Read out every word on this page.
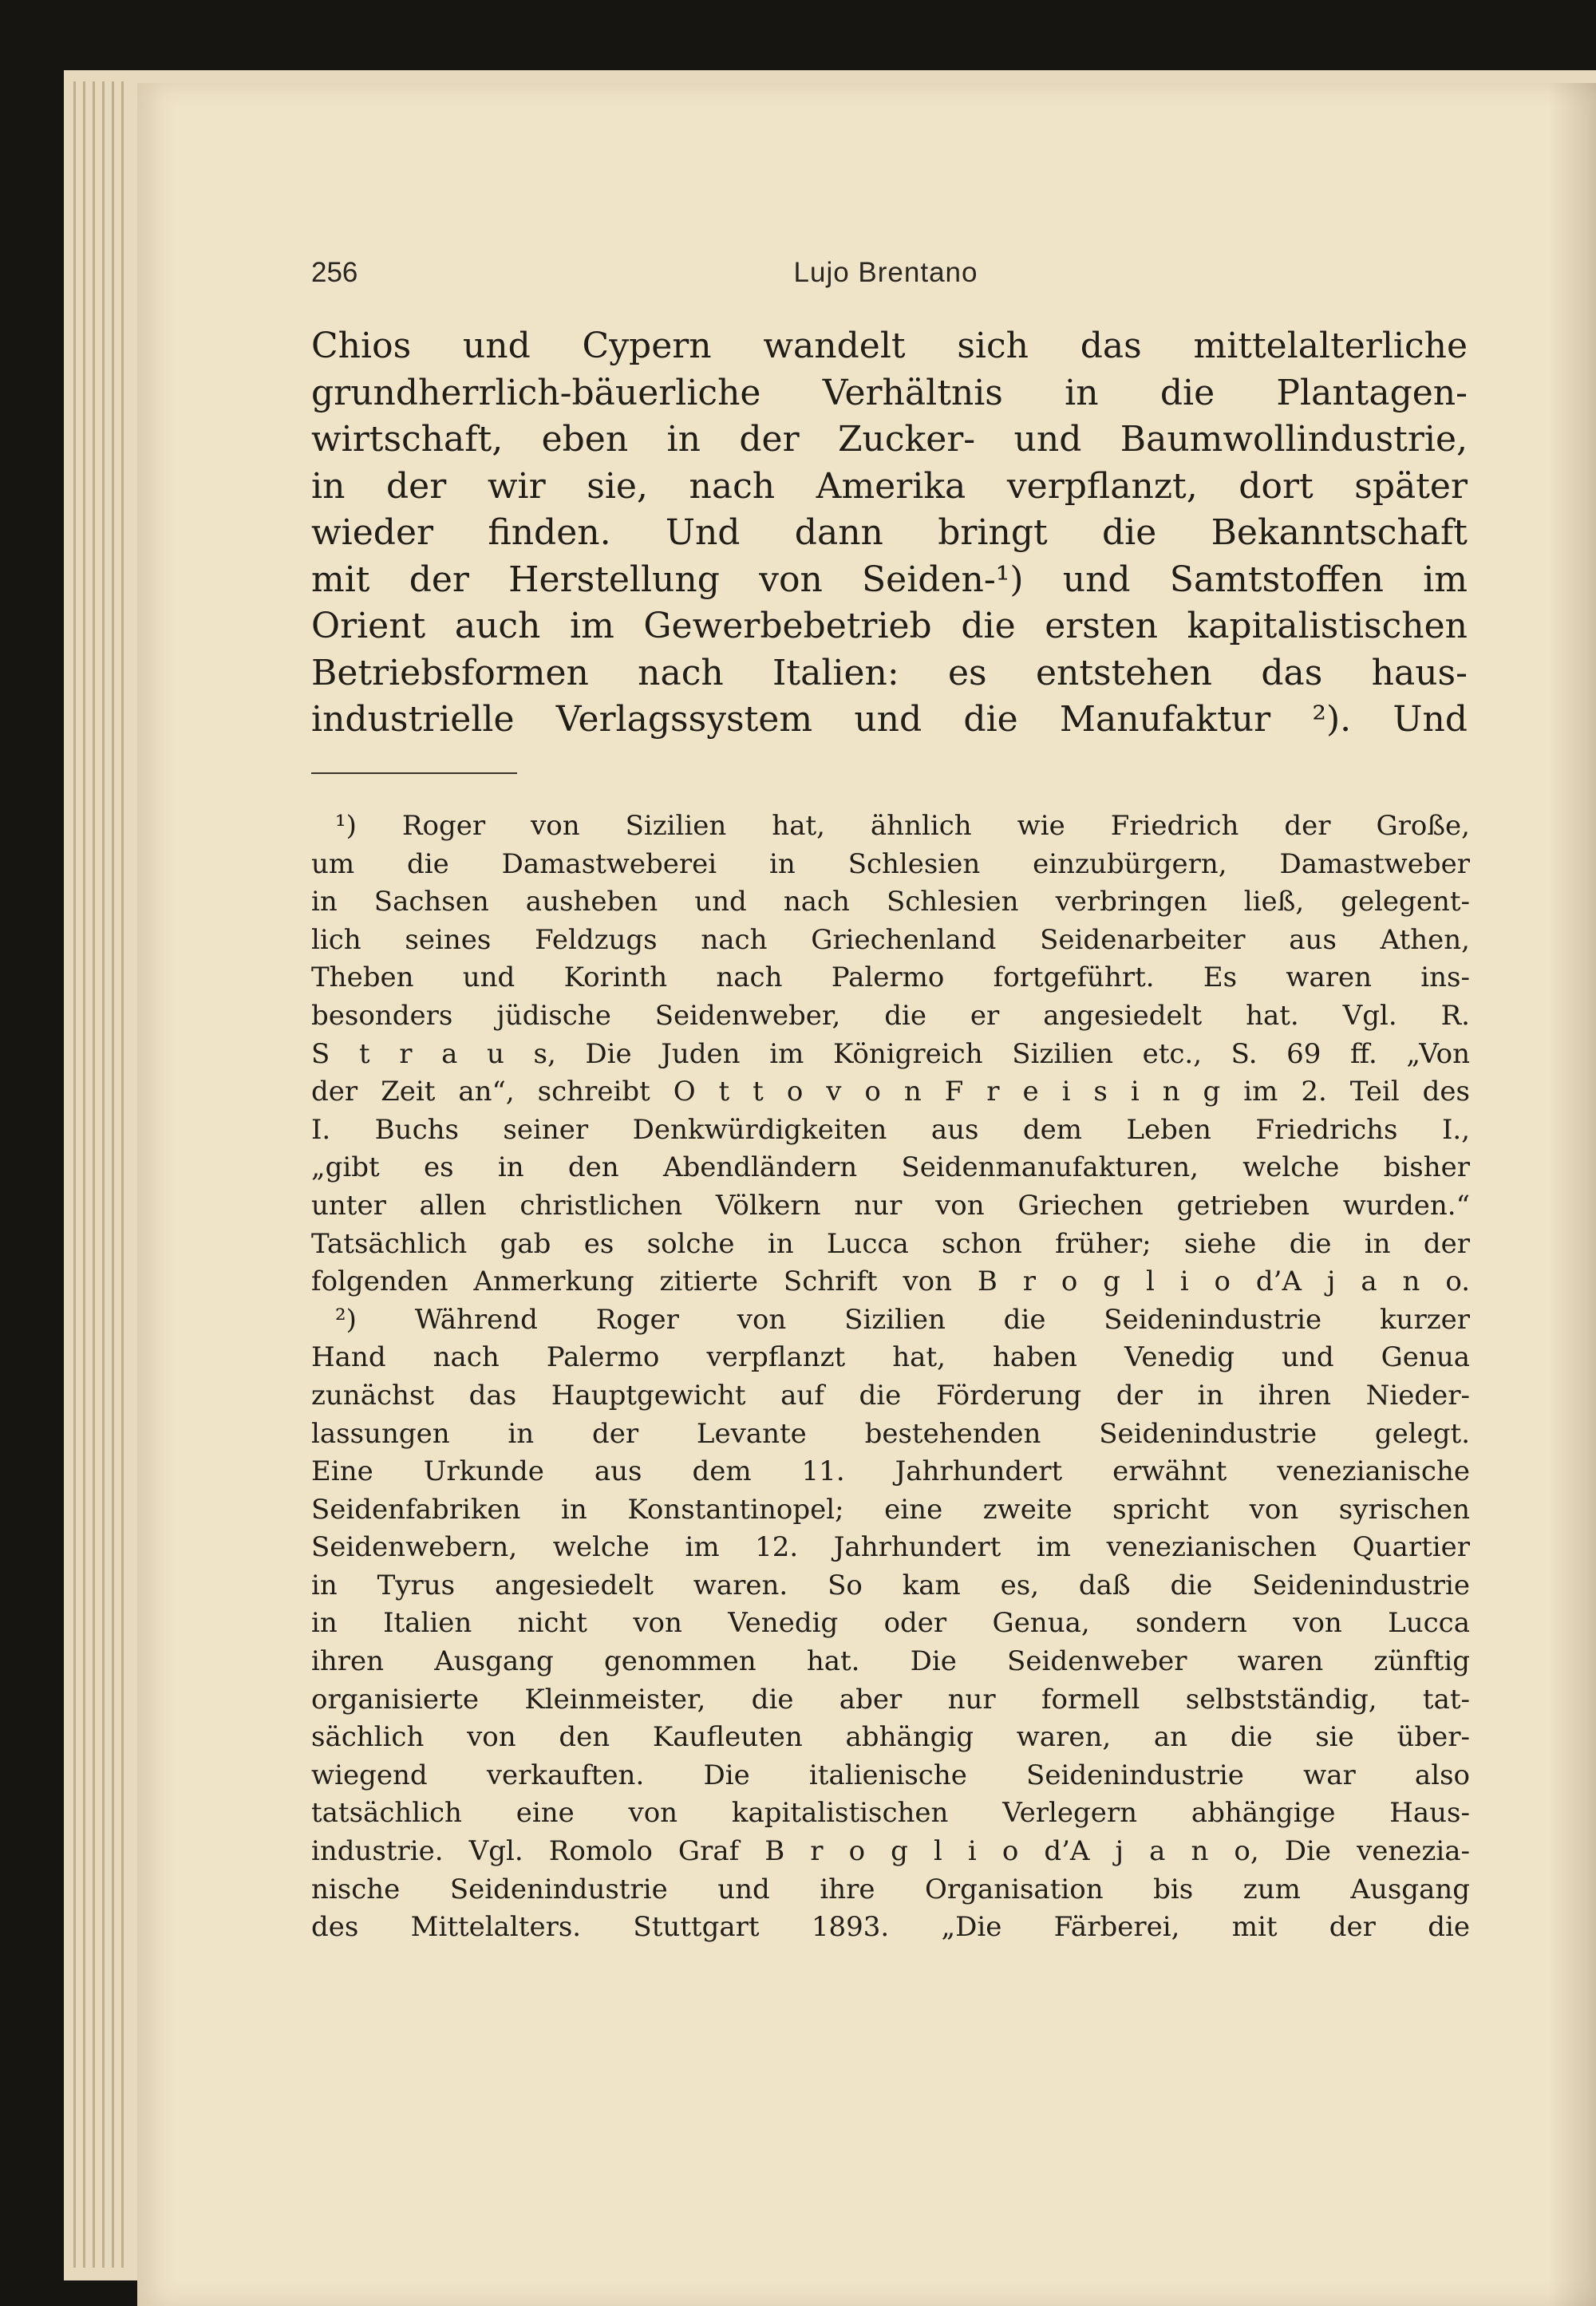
256	Lujo Brentano
Chios und Cypern wandelt sich das mittelalterliche
grundherrlich-bäuerliche Verhältnis in die Plantagen-
wirtschaft, eben in der Zucker- und Baumwollindustrie,
in der wir sie, nach Amerika verpflanzt, dort später
wieder finden. Und dann bringt die Bekanntschaft
mit der Herstellung von Seiden-¹) und Samtstoffen im
Orient auch im Gewerbebetrieb die ersten kapitalistischen
Betriebsformen nach Italien: es entstehen das haus-
industrielle Verlagssystem und die Manufaktur ²). Und
¹) Roger von Sizilien hat, ähnlich wie Friedrich der Große,
um die Damastweberei in Schlesien einzubürgern, Damastweber
in Sachsen ausheben und nach Schlesien verbringen ließ, gelegent-
lich seines Feldzugs nach Griechenland Seidenarbeiter aus Athen,
Theben und Korinth nach Palermo fortgeführt. Es waren ins-
besonders jüdische Seidenweber, die er angesiedelt hat. Vgl. R.
S t r a u s, Die Juden im Königreich Sizilien etc., S. 69 ff. „Von
der Zeit an“, schreibt O t t o v o n F r e i s i n g im 2. Teil des
I. Buchs seiner Denkwürdigkeiten aus dem Leben Friedrichs I.,
„gibt es in den Abendländern Seidenmanufakturen, welche bisher
unter allen christlichen Völkern nur von Griechen getrieben wurden.“
Tatsächlich gab es solche in Lucca schon früher; siehe die in der
folgenden Anmerkung zitierte Schrift von B r o g l i o d’A j a n o.
²) Während Roger von Sizilien die Seidenindustrie kurzer
Hand nach Palermo verpflanzt hat, haben Venedig und Genua
zunächst das Hauptgewicht auf die Förderung der in ihren Nieder-
lassungen in der Levante bestehenden Seidenindustrie gelegt.
Eine Urkunde aus dem 11. Jahrhundert erwähnt venezianische
Seidenfabriken in Konstantinopel; eine zweite spricht von syrischen
Seidenwebern, welche im 12. Jahrhundert im venezianischen Quartier
in Tyrus angesiedelt waren. So kam es, daß die Seidenindustrie
in Italien nicht von Venedig oder Genua, sondern von Lucca
ihren Ausgang genommen hat. Die Seidenweber waren zünftig
organisierte Kleinmeister, die aber nur formell selbstständig, tat-
sächlich von den Kaufleuten abhängig waren, an die sie über-
wiegend verkauften. Die italienische Seidenindustrie war also
tatsächlich eine von kapitalistischen Verlegern abhängige Haus-
industrie. Vgl. Romolo Graf B r o g l i o d’A j a n o, Die venezia-
nische Seidenindustrie und ihre Organisation bis zum Ausgang
des Mittelalters. Stuttgart 1893. „Die Färberei, mit der die
